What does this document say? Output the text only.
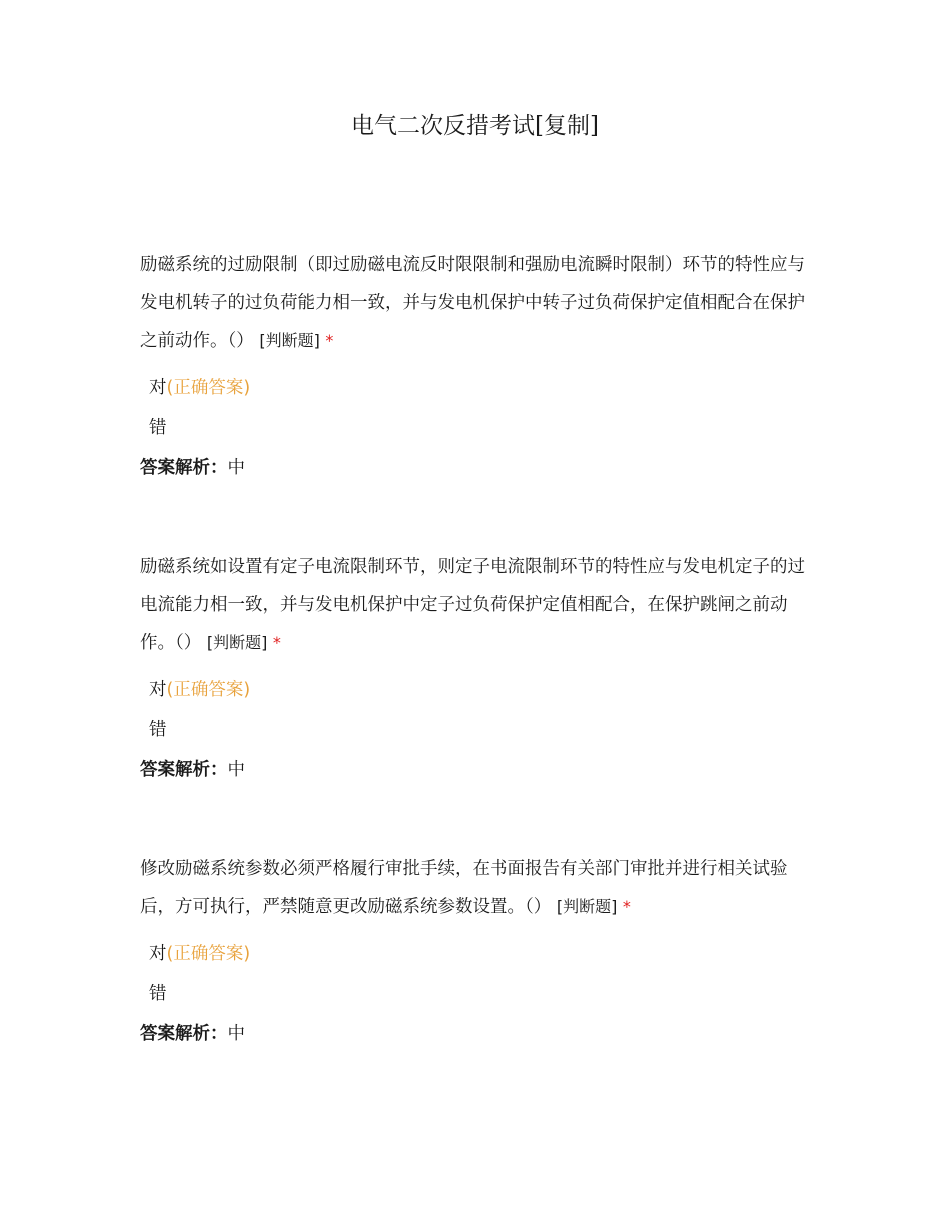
电气二次反措考试[复制]

励磁系统的过励限制（即过励磁电流反时限限制和强励电流瞬时限制）环节的特性应与发电机转子的过负荷能力相一致，并与发电机保护中转子过负荷保护定值相配合在保护之前动作。（） [判断题] *

对(正确答案)
错
答案解析：中

励磁系统如设置有定子电流限制环节，则定子电流限制环节的特性应与发电机定子的过电流能力相一致，并与发电机保护中定子过负荷保护定值相配合，在保护跳闸之前动作。（） [判断题] *

对(正确答案)
错
答案解析：中

修改励磁系统参数必须严格履行审批手续，在书面报告有关部门审批并进行相关试验后，方可执行，严禁随意更改励磁系统参数设置。（） [判断题] *

对(正确答案)
错
答案解析：中
